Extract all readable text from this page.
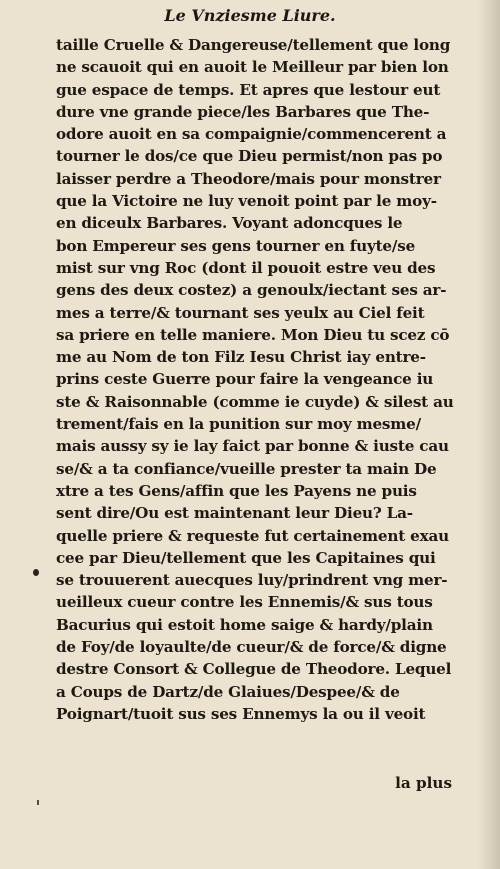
Le Vnziesme Liure.
taille Cruelle & Dangereuse/tellement que long
ne scauoit qui en auoit le Meilleur par bien lon
gue espace de temps. Et apres que lestour eut
dure vne grande piece/les Barbares que The-
odore auoit en sa compaignie/commencerent a
tourner le dos/ce que Dieu permist/non pas po
laisser perdre a Theodore/mais pour monstrer
que la Victoire ne luy venoit point par le moy-
en diceulx Barbares. Voyant adoncques le
bon Empereur ses gens tourner en fuyte/se
mist sur vng Roc (dont il pouoit estre veu des
gens des deux costez) a genoulx/iectant ses ar-
mes a terre/& tournant ses yeulx au Ciel feit
sa priere en telle maniere. Mon Dieu tu scez cō
me au Nom de ton Filz Iesu Christ iay entre-
prins ceste Guerre pour faire la vengeance iu
ste & Raisonnable (comme ie cuyde) & silest au
trement/fais en la punition sur moy mesme/
mais aussy sy ie lay faict par bonne & iuste cau
se/& a ta confiance/vueille prester ta main De
xtre a tes Gens/affin que les Payens ne puis
sent dire/Ou est maintenant leur Dieu? La-
quelle priere & requeste fut certainement exau
cee par Dieu/tellement que les Capitaines qui
se trouuerent auecques luy/prindrent vng mer-
ueilleux cueur contre les Ennemis/& sus tous
Bacurius qui estoit home saige & hardy/plain
de Foy/de loyaulte/de cueur/& de force/& digne
destre Consort & Collegue de Theodore. Lequel
a Coups de Dartz/de Glaiues/Despee/& de
Poignart/tuoit sus ses Ennemys la ou il veoit
la plus
